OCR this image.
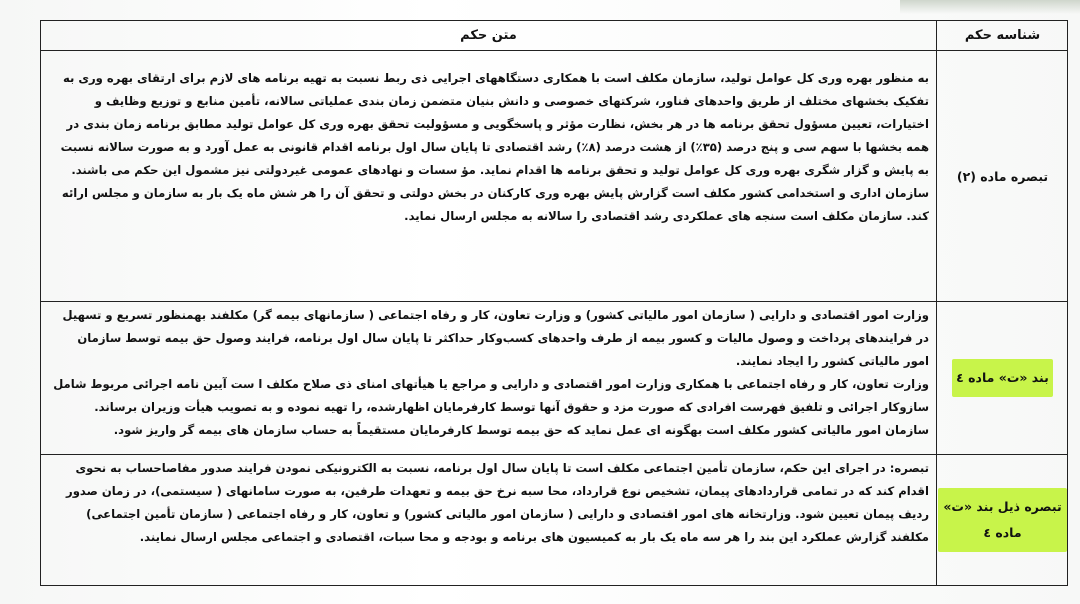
متن حکم	شناسه حکم

به منظور بهره وری کل عوامل تولید، سازمان مکلف است با همکاری دستگاههای اجرایی ذی ربط نسبت به تهیه برنامه های لازم برای ارتقای بهره وری به تفکیک بخشهای مختلف از طریق واحدهای فناور، شرکتهای خصوصی و دانش بنیان متضمن زمان بندی عملیاتی سالانه، تأمین منابع و توزیع وظایف و اختیارات، تعیین مسؤول تحقق برنامه ها در هر بخش، نظارت مؤثر و پاسخگویی و مسؤولیت تحقق بهره وری کل عوامل تولید مطابق برنامه زمان بندی در همه بخشها با سهم سی و پنج درصد (۳۵٪) از هشت درصد (۸٪) رشد اقتصادی تا پایان سال اول برنامه اقدام قانونی به عمل آورد و به صورت سالانه نسبت به پایش و گزار شگری بهره وری کل عوامل تولید و تحقق برنامه ها اقدام نماید. مؤ سسات و نهادهای عمومی غیردولتی نیز مشمول این حکم می باشند.

سازمان اداری و استخدامی کشور مکلف است گزارش پایش بهره وری کارکنان در بخش دولتی و تحقق آن را هر شش ماه یک بار به سازمان و مجلس ارائه کند. سازمان مکلف است سنجه های عملکردی رشد اقتصادی را سالانه به مجلس ارسال نماید.

تبصره ماده (۲)

وزارت امور اقتصادی و دارایی ( سازمان امور مالیاتی کشور) و وزارت تعاون، کار و رفاه اجتماعی ( سازمانهای بیمه گر) مکلفند بهمنظور تسریع و تسهیل در فرایندهای پرداخت و وصول مالیات و کسور بیمه از طرف واحدهای کسب‌وکار حداکثر تا پایان سال اول برنامه، فرایند وصول حق بیمه توسط سازمان امور مالیاتی کشور را ایجاد نمایند.

وزارت تعاون، کار و رفاه اجتماعی با همکاری وزارت امور اقتصادی و دارایی و مراجع یا هیأتهای امنای ذی صلاح مکلف ا ست آیین نامه اجرائی مربوط شامل سازوکار اجرائی و تلفیق فهرست افرادی که صورت مزد و حقوق آنها توسط کارفرمایان اظهارشده، را تهیه نموده و به تصویب هیأت وزیران برساند. سازمان امور مالیاتی کشور مکلف است بهگونه ای عمل نماید که حق بیمه توسط کارفرمایان مستقیماً به حساب سازمان های بیمه گر واریز شود.

بند «ت» ماده ٤

تبصره: در اجرای این حکم، سازمان تأمین اجتماعی مکلف است تا پایان سال اول برنامه، نسبت به الکترونیکی نمودن فرایند صدور مفاصاحساب به نحوی اقدام کند که در تمامی قراردادهای پیمان، تشخیص نوع قرارداد، محا سبه نرخ حق بیمه و تعهدات طرفین، به صورت سامانهای ( سیستمی)، در زمان صدور ردیف پیمان تعیین شود. وزارتخانه های امور اقتصادی و دارایی ( سازمان امور مالیاتی کشور) و تعاون، کار و رفاه اجتماعی ( سازمان تأمین اجتماعی) مکلفند گزارش عملکرد این بند را هر سه ماه یک بار به کمیسیون های برنامه و بودجه و محا سبات، اقتصادی و اجتماعی مجلس ارسال نمایند.

تبصره ذیل بند «ت» ماده ٤
